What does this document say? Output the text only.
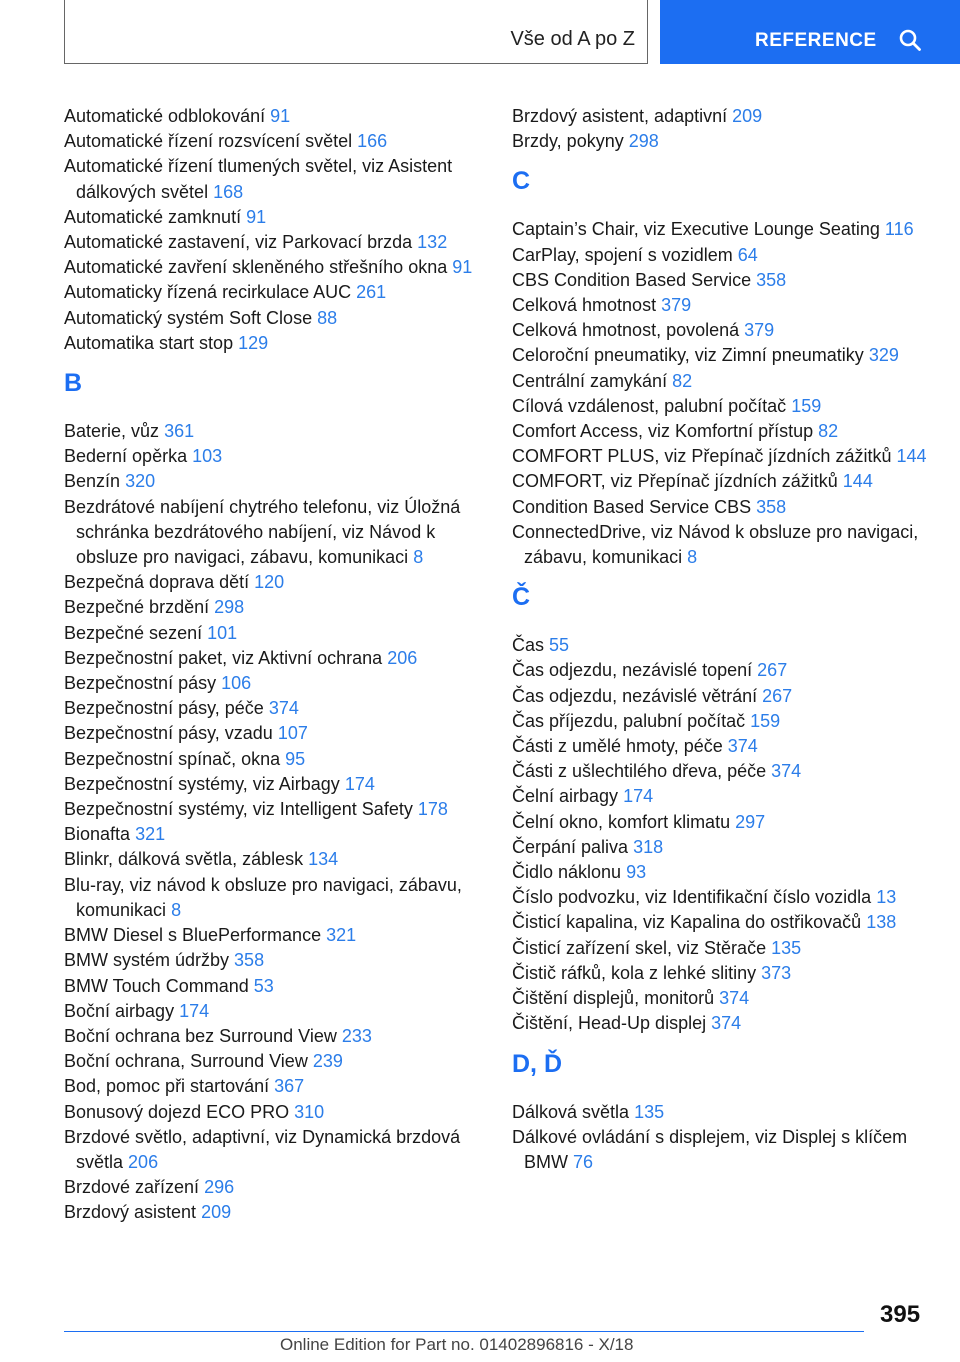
Vše od A po Z	REFERENCE
Automatické odblokování 91
Automatické řízení rozsvícení světel 166
Automatické řízení tlumených světel, viz Asistent dálkových světel 168
Automatické zamknutí 91
Automatické zastavení, viz Parkovací brzda 132
Automatické zavření skleněného střešního okna 91
Automaticky řízená recirkulace AUC 261
Automatický systém Soft Close 88
Automatika start stop 129
B
Baterie, vůz 361
Bederní opěrka 103
Benzín 320
Bezdrátové nabíjení chytrého telefonu, viz Úložná schránka bezdrátového nabíjení, viz Návod k obsluze pro navigaci, zábavu, komunikaci 8
Bezpečná doprava dětí 120
Bezpečné brzdění 298
Bezpečné sezení 101
Bezpečnostní paket, viz Aktivní ochrana 206
Bezpečnostní pásy 106
Bezpečnostní pásy, péče 374
Bezpečnostní pásy, vzadu 107
Bezpečnostní spínač, okna 95
Bezpečnostní systémy, viz Airbagy 174
Bezpečnostní systémy, viz Intelligent Safety 178
Bionafta 321
Blinkr, dálková světla, záblesk 134
Blu-ray, viz návod k obsluze pro navigaci, zábavu, komunikaci 8
BMW Diesel s BluePerformance 321
BMW systém údržby 358
BMW Touch Command 53
Boční airbagy 174
Boční ochrana bez Surround View 233
Boční ochrana, Surround View 239
Bod, pomoc při startování 367
Bonusový dojezd ECO PRO 310
Brzdové světlo, adaptivní, viz Dynamická brzdová světla 206
Brzdové zařízení 296
Brzdový asistent 209
Brzdový asistent, adaptivní 209
Brzdy, pokyny 298
C
Captain’s Chair, viz Executive Lounge Seating 116
CarPlay, spojení s vozidlem 64
CBS Condition Based Service 358
Celková hmotnost 379
Celková hmotnost, povolená 379
Celoroční pneumatiky, viz Zimní pneumatiky 329
Centrální zamykání 82
Cílová vzdálenost, palubní počítač 159
Comfort Access, viz Komfortní přístup 82
COMFORT PLUS, viz Přepínač jízdních zážitků 144
COMFORT, viz Přepínač jízdních zážitků 144
Condition Based Service CBS 358
ConnectedDrive, viz Návod k obsluze pro navigaci, zábavu, komunikaci 8
Č
Čas 55
Čas odjezdu, nezávislé topení 267
Čas odjezdu, nezávislé větrání 267
Čas příjezdu, palubní počítač 159
Části z umělé hmoty, péče 374
Části z ušlechtilého dřeva, péče 374
Čelní airbagy 174
Čelní okno, komfort klimatu 297
Čerpání paliva 318
Čidlo náklonu 93
Číslo podvozku, viz Identifikační číslo vozidla 13
Čisticí kapalina, viz Kapalina do ostřikovačů 138
Čisticí zařízení skel, viz Stěrače 135
Čistič ráfků, kola z lehké slitiny 373
Čištění displejů, monitorů 374
Čištění, Head-Up displej 374
D, Ď
Dálková světla 135
Dálkové ovládání s displejem, viz Displej s klíčem BMW 76
395
Online Edition for Part no. 01402896816 - X/18
